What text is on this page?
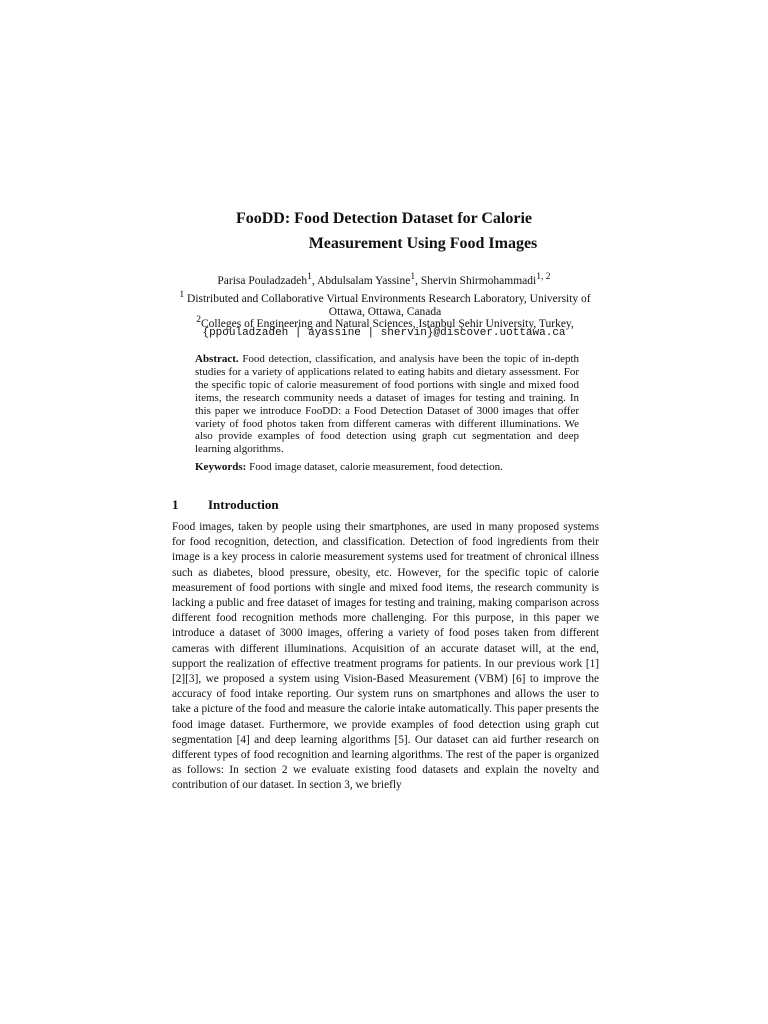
FooDD: Food Detection Dataset for Calorie

Measurement Using Food Images
Parisa Pouladzadeh$^1$, Abdulsalam Yassine$^1$, Shervin Shirmohammadi$^{1, 2}$
$^1$ Distributed and Collaborative Virtual Environments Research Laboratory, University of Ottawa, Ottawa, Canada
$^2$Colleges of Engineering and Natural Sciences, Istanbul Şehir University, Turkey,
{ppouladzadeh | ayassine | shervin}@discover.uottawa.ca
Abstract. Food detection, classification, and analysis have been the topic of in-depth studies for a variety of applications related to eating habits and dietary assessment. For the specific topic of calorie measurement of food portions with single and mixed food items, the research community needs a dataset of images for testing and training. In this paper we introduce FooDD: a Food Detection Dataset of 3000 images that offer variety of food photos taken from different cameras with different illuminations. We also provide examples of food detection using graph cut segmentation and deep learning algorithms.
Keywords: Food image dataset, calorie measurement, food detection.
1 Introduction
Food images, taken by people using their smartphones, are used in many proposed systems for food recognition, detection, and classification. Detection of food ingredients from their image is a key process in calorie measurement systems used for treatment of chronical illness such as diabetes, blood pressure, obesity, etc. However, for the specific topic of calorie measurement of food portions with single and mixed food items, the research community is lacking a public and free dataset of images for testing and training, making comparison across different food recognition methods more challenging. For this purpose, in this paper we introduce a dataset of 3000 images, offering a variety of food poses taken from different cameras with different illuminations. Acquisition of an accurate dataset will, at the end, support the realization of effective treatment programs for patients. In our previous work [1][2][3], we proposed a system using Vision-Based Measurement (VBM) [6] to improve the accuracy of food intake reporting. Our system runs on smartphones and allows the user to take a picture of the food and measure the calorie intake automatically. This paper presents the food image dataset. Furthermore, we provide examples of food detection using graph cut segmentation [4] and deep learning algorithms [5]. Our dataset can aid further research on different types of food recognition and learning algorithms. The rest of the paper is organized as follows: In section 2 we evaluate existing food datasets and explain the novelty and contribution of our dataset. In section 3, we briefly
